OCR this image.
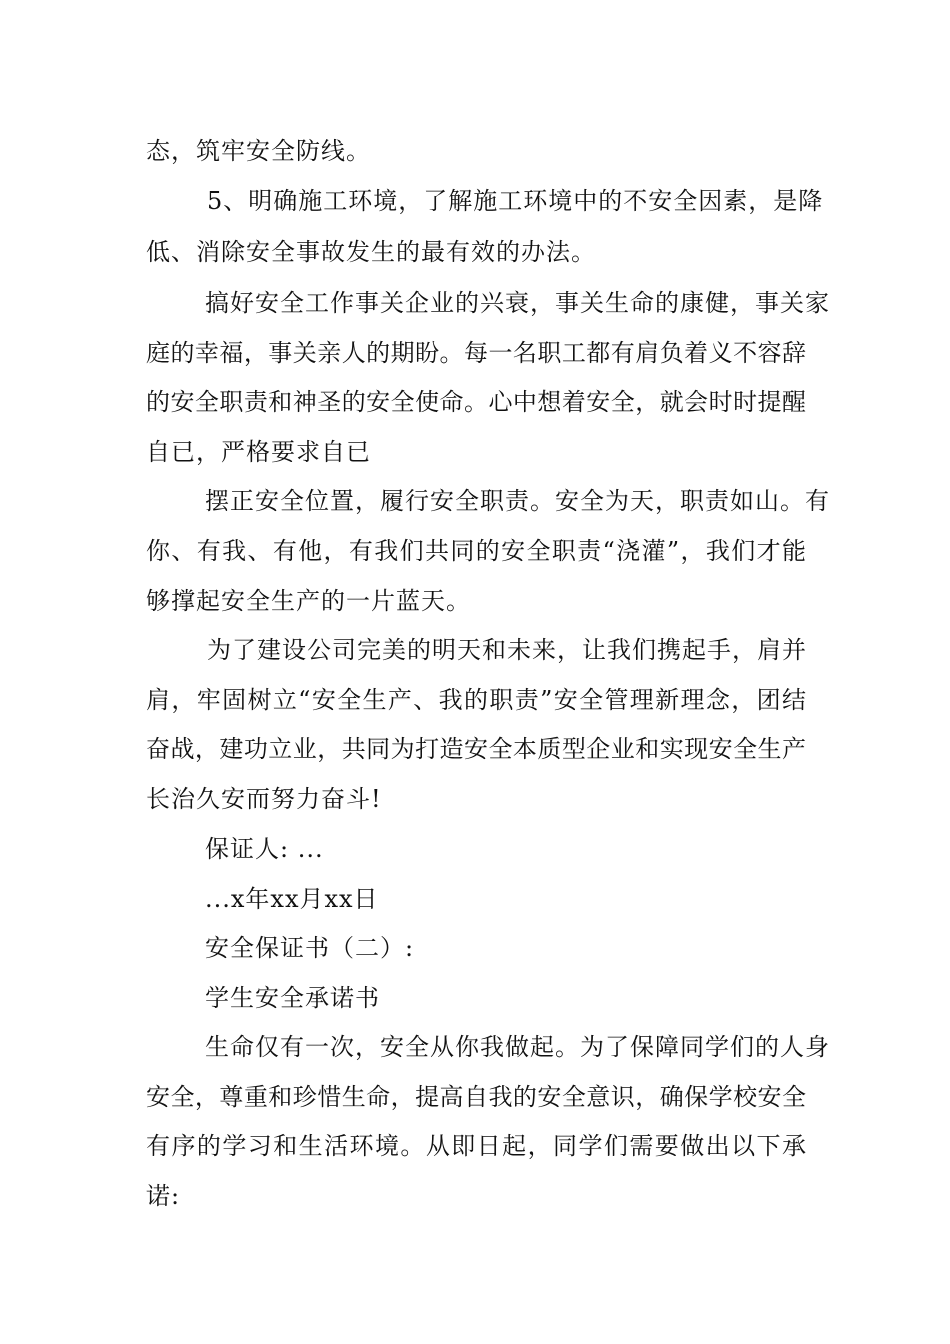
态，筑牢安全防线。
5、明确施工环境，了解施工环境中的不安全因素，是降
低、消除安全事故发生的最有效的办法。
搞好安全工作事关企业的兴衰，事关生命的康健，事关家
庭的幸福，事关亲人的期盼。每一名职工都有肩负着义不容辞
的安全职责和神圣的安全使命。心中想着安全，就会时时提醒
自已，严格要求自已
摆正安全位置，履行安全职责。安全为天，职责如山。有
你、有我、有他，有我们共同的安全职责“浇灌”，我们才能
够撑起安全生产的一片蓝天。
为了建设公司完美的明天和未来，让我们携起手，肩并
肩，牢固树立“安全生产、我的职责”安全管理新理念，团结
奋战，建功立业，共同为打造安全本质型企业和实现安全生产
长治久安而努力奋斗!
保证人: ...
...x年xx月xx日
安全保证书（二）:
学生安全承诺书
生命仅有一次，安全从你我做起。为了保障同学们的人身
安全，尊重和珍惜生命，提高自我的安全意识，确保学校安全
有序的学习和生活环境。从即日起，同学们需要做出以下承
诺:
